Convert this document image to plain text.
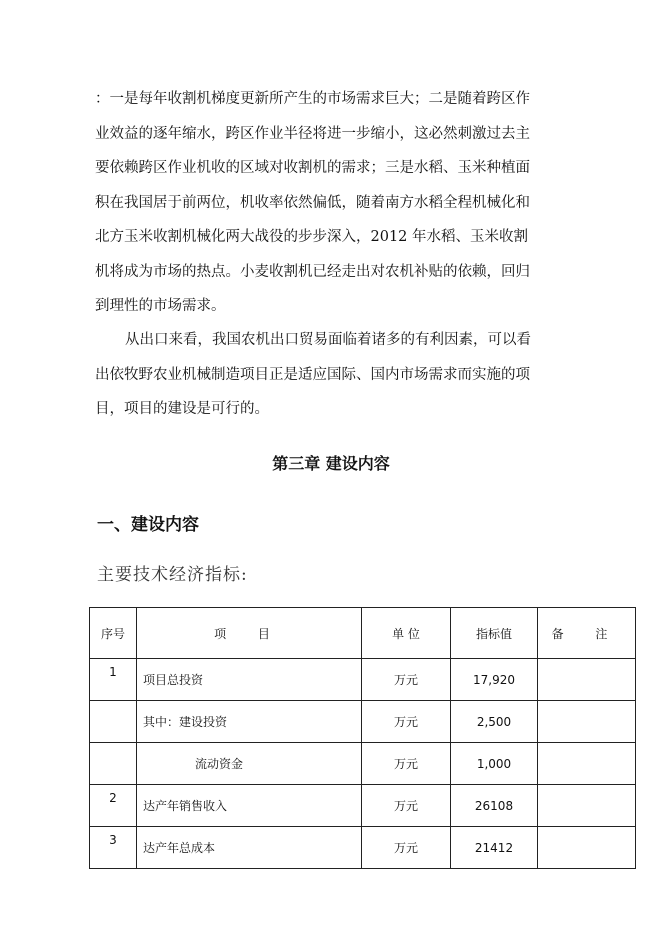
：一是每年收割机梯度更新所产生的市场需求巨大；二是随着跨区作
业效益的逐年缩水，跨区作业半径将进一步缩小，这必然刺激过去主
要依赖跨区作业机收的区域对收割机的需求；三是水稻、玉米种植面
积在我国居于前两位，机收率依然偏低，随着南方水稻全程机械化和
北方玉米收割机械化两大战役的步步深入，2012 年水稻、玉米收割
机将成为市场的热点。小麦收割机已经走出对农机补贴的依赖，回归
到理性的市场需求。
从出口来看，我国农机出口贸易面临着诸多的有利因素，可以看
出依牧野农业机械制造项目正是适应国际、国内市场需求而实施的项
目，项目的建设是可行的。
第三章 建设内容
一、建设内容
主要技术经济指标:
序号	项 目	单 位	指标值	备 注
1	项目总投资	万元	17,920	
	其中：建设投资	万元	2,500	
	流动资金	万元	1,000	
2	达产年销售收入	万元	26108	
3	达产年总成本	万元	21412	
